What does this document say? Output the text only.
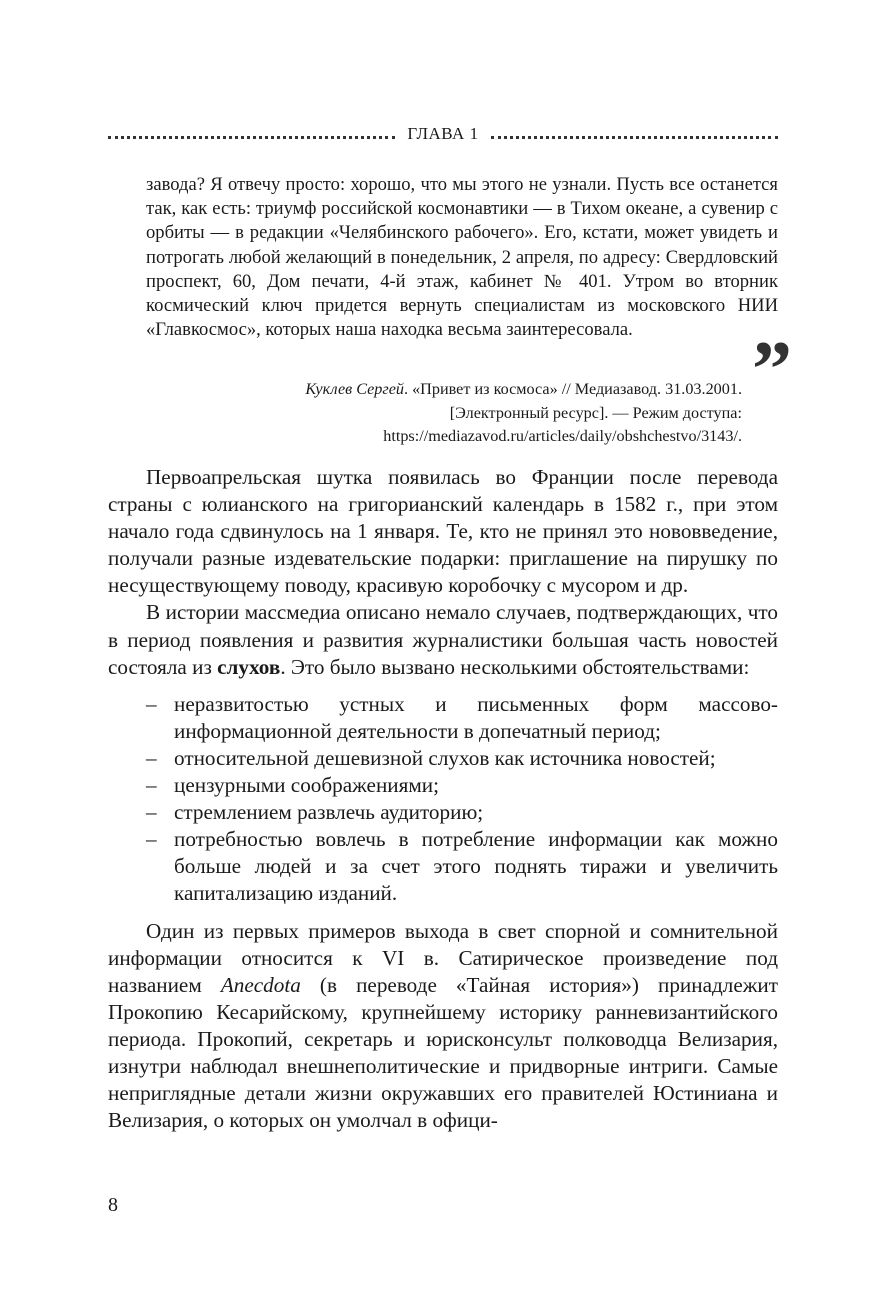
ГЛАВА 1

завода? Я отвечу просто: хорошо, что мы этого не узнали. Пусть все останется так, как есть: триумф российской космонавтики — в Тихом океане, а сувенир с орбиты — в редакции «Челябинского рабочего». Его, кстати, может увидеть и потрогать любой желающий в понедельник, 2 апреля, по адресу: Свердловский проспект, 60, Дом печати, 4-й этаж, кабинет № 401. Утром во вторник космический ключ придется вернуть специалистам из московского НИИ «Главкосмос», которых наша находка весьма заинтересовала.	”
Куклев Сергей. «Привет из космоса» // Медиазавод. 31.03.2001.
[Электронный ресурс]. — Режим доступа:
https://mediazavod.ru/articles/daily/obshchestvo/3143/.

Первоапрельская шутка появилась во Франции после перевода страны с юлианского на григорианский календарь в 1582 г., при этом начало года сдвинулось на 1 января. Те, кто не принял это нововведение, получали разные издевательские подарки: приглашение на пирушку по несуществующему поводу, красивую коробочку с мусором и др.

В истории массмедиа описано немало случаев, подтверждающих, что в период появления и развития журналистики большая часть новостей состояла из слухов. Это было вызвано несколькими обстоятельствами:

– неразвитостью устных и письменных форм массово-информационной деятельности в допечатный период;
– относительной дешевизной слухов как источника новостей;
– цензурными соображениями;
– стремлением развлечь аудиторию;
– потребностью вовлечь в потребление информации как можно больше людей и за счет этого поднять тиражи и увеличить капитализацию изданий.

Один из первых примеров выхода в свет спорной и сомнительной информации относится к VI в. Сатирическое произведение под названием Anecdota (в переводе «Тайная история») принадлежит Прокопию Кесарийскому, крупнейшему историку ранневизантийского периода. Прокопий, секретарь и юрисконсульт полководца Велизария, изнутри наблюдал внешнеполитические и придворные интриги. Самые неприглядные детали жизни окружавших его правителей Юстиниана и Велизария, о которых он умолчал в офици-

8
